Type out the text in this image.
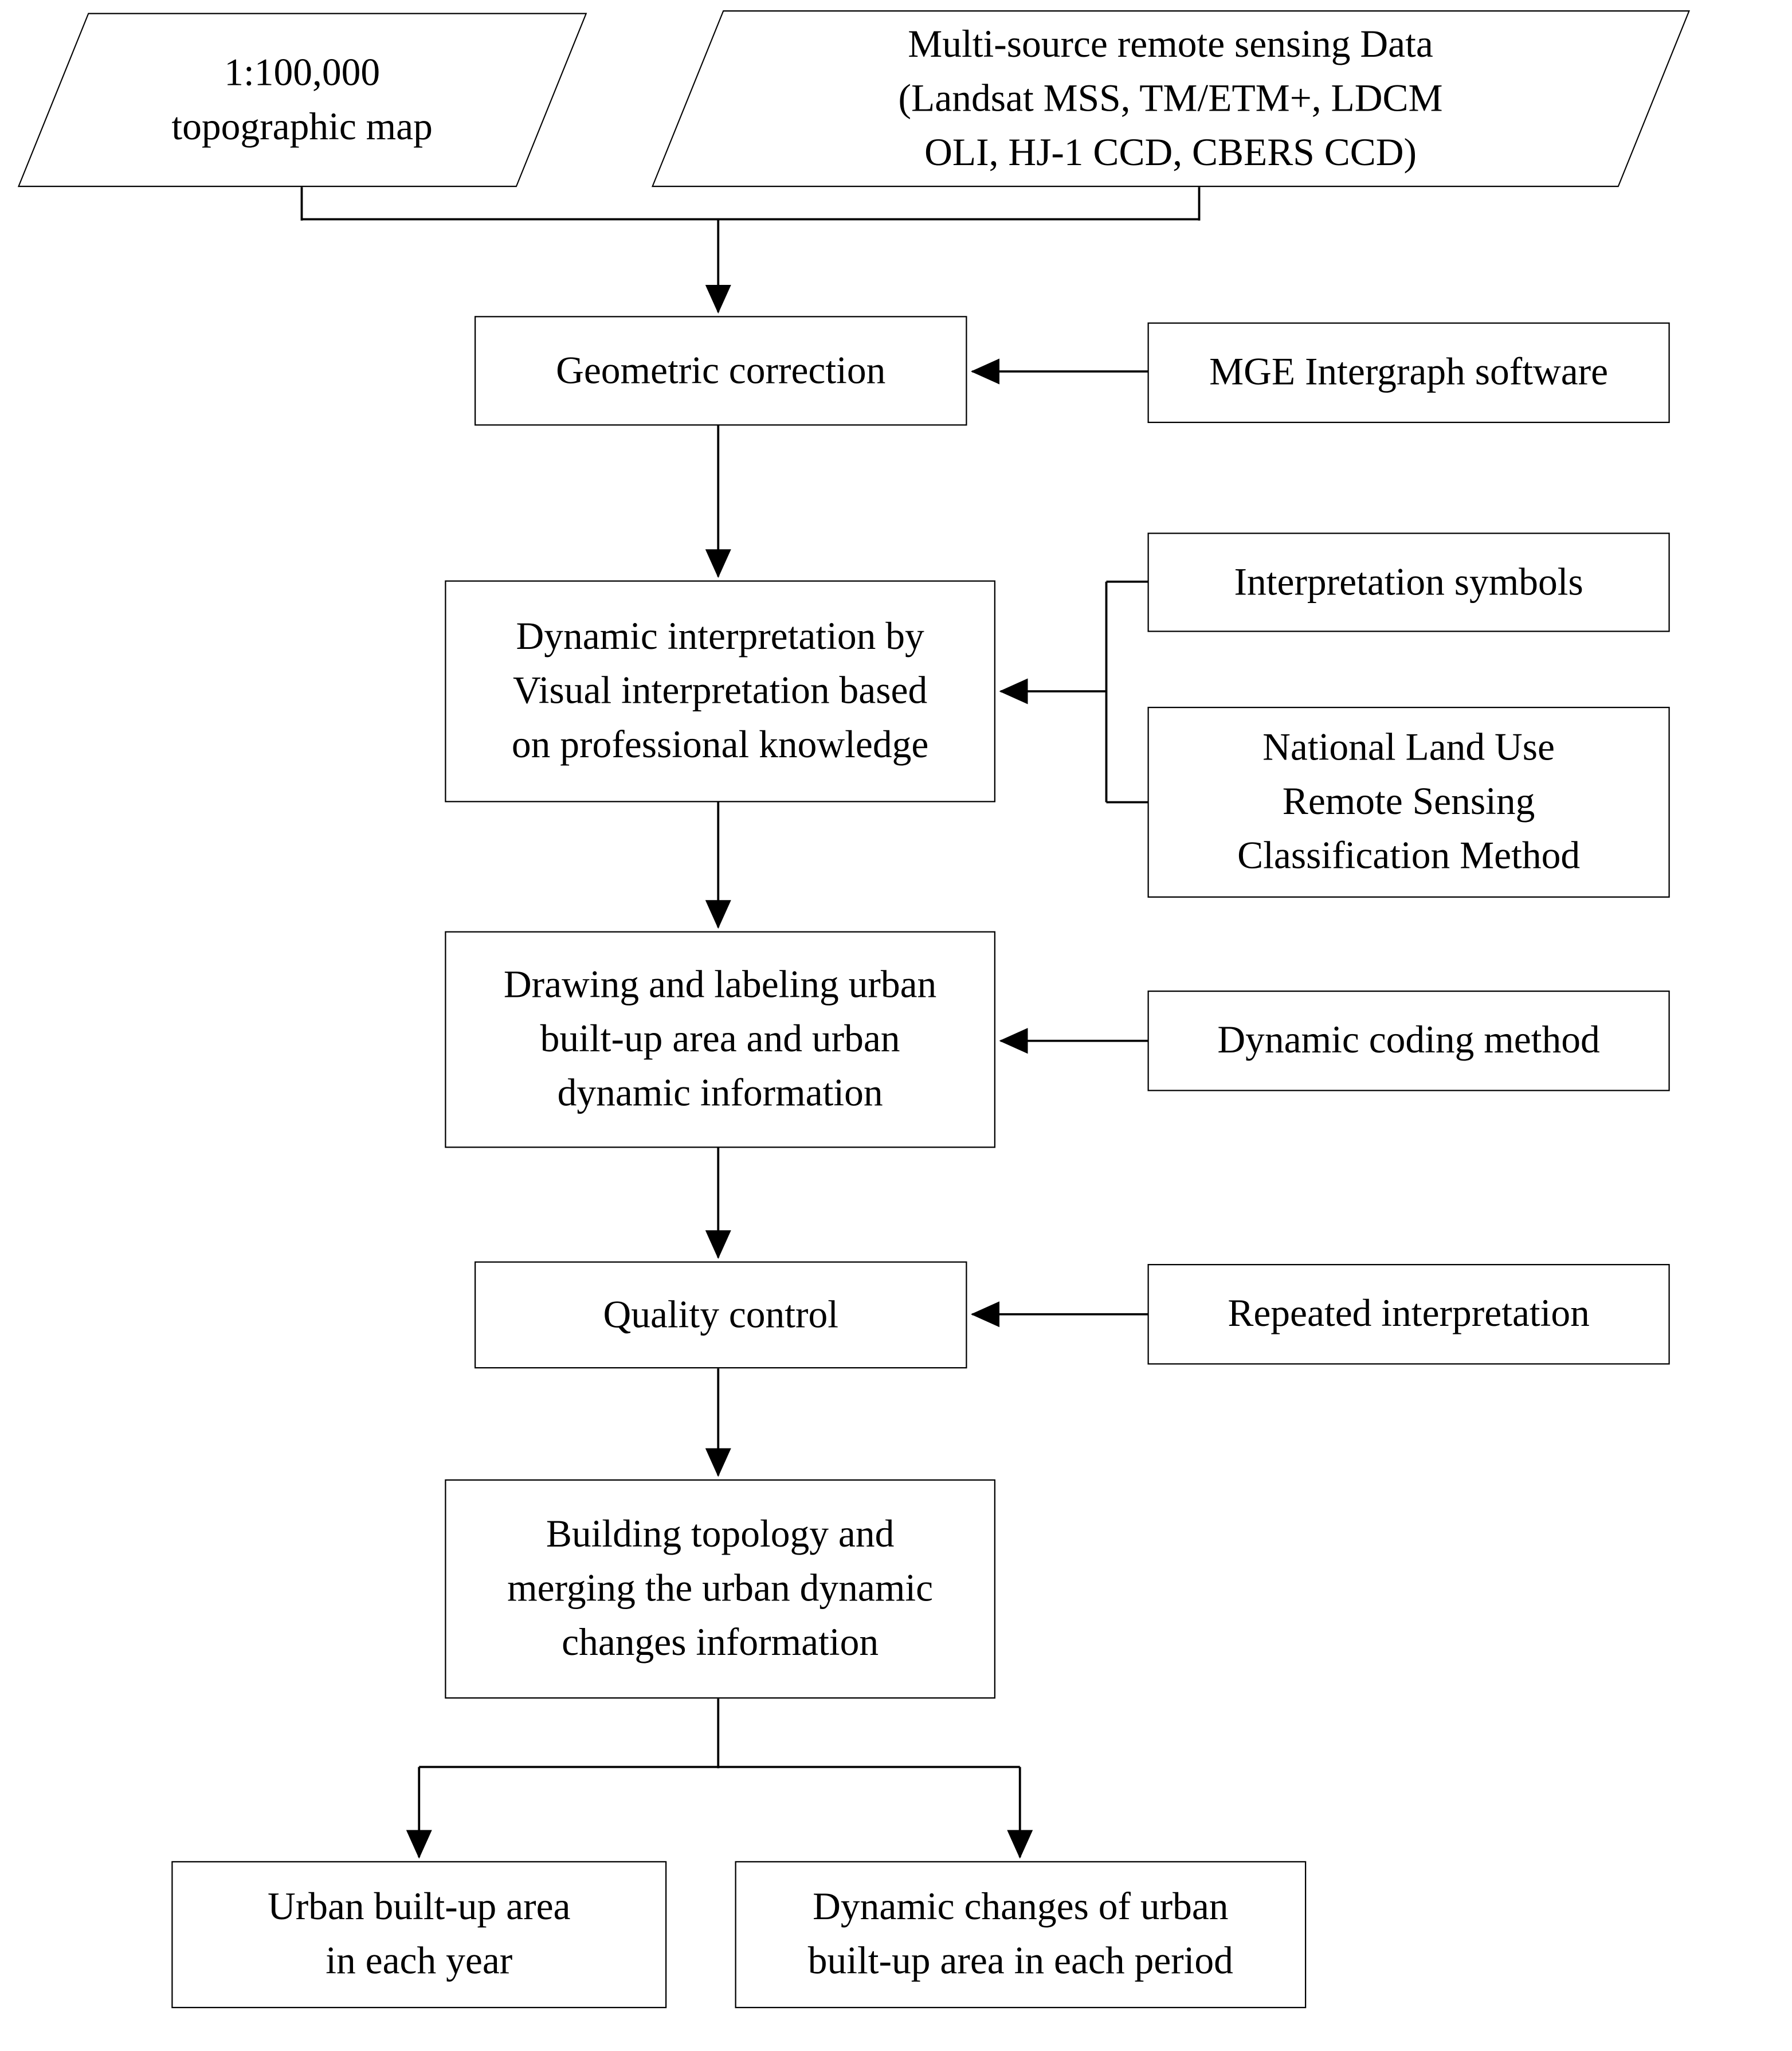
1:100,000
topographic map
Multi-source remote sensing Data
(Landsat MSS, TM/ETM+, LDCM
OLI, HJ-1 CCD, CBERS CCD)
Geometric correction
Dynamic interpretation by
Visual interpretation based
on professional knowledge
Drawing and labeling urban
built-up area and urban
dynamic information
Quality control
Building topology and
merging the urban dynamic
changes information
MGE Intergraph software
Interpretation symbols
National Land Use
Remote Sensing
Classification Method
Dynamic coding method
Repeated interpretation
Urban built-up area
in each year
Dynamic changes of urban
built-up area in each period
